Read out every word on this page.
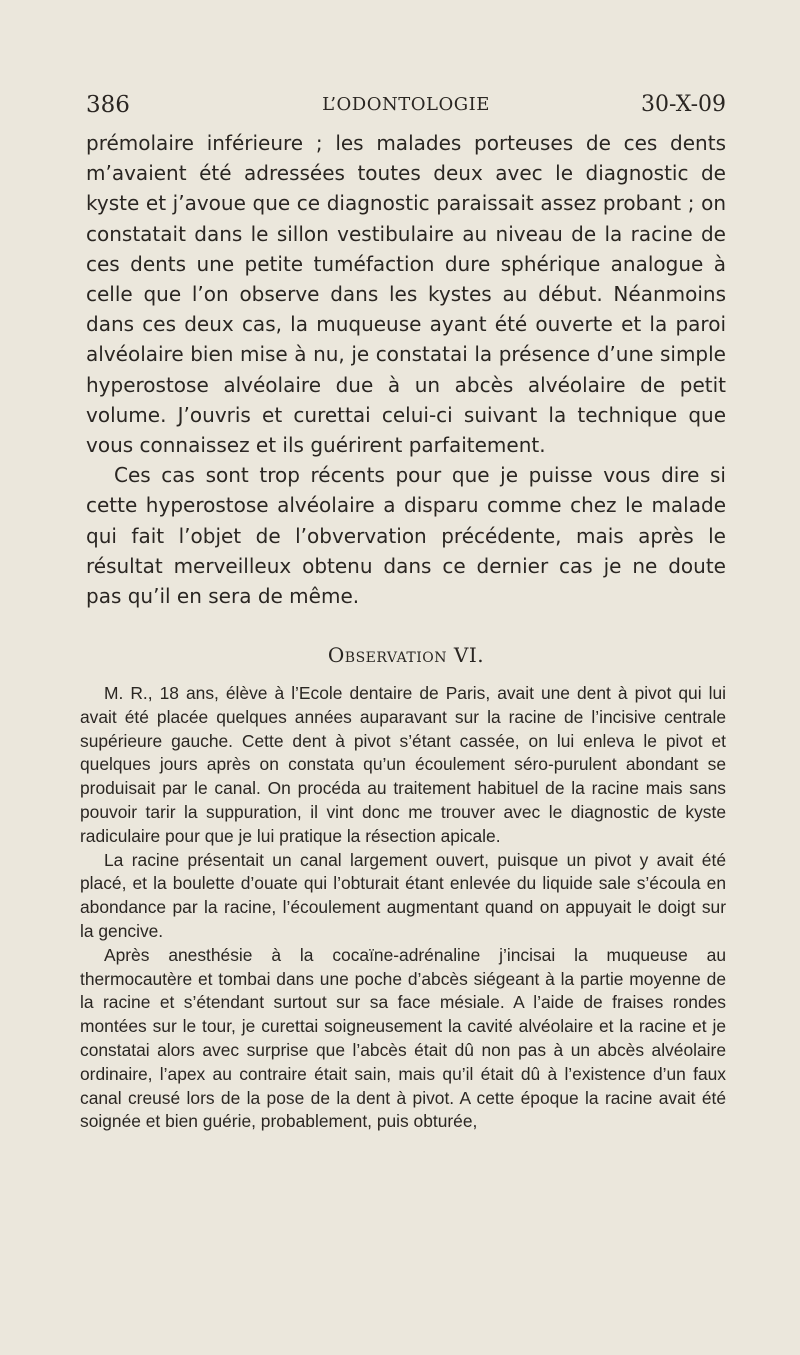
386	L’ODONTOLOGIE	30-X-09

prémolaire inférieure ; les malades porteuses de ces dents m’avaient été adressées toutes deux avec le diagnostic de kyste et j’avoue que ce diagnostic paraissait assez probant ; on constatait dans le sillon vestibulaire au niveau de la racine de ces dents une petite tuméfaction dure sphérique analogue à celle que l’on observe dans les kystes au début. Néanmoins dans ces deux cas, la muqueuse ayant été ouverte et la paroi alvéolaire bien mise à nu, je constatai la présence d’une simple hyperostose alvéolaire due à un abcès alvéolaire de petit volume. J’ouvris et curettai celui-ci suivant la technique que vous connaissez et ils guérirent parfaitement.

Ces cas sont trop récents pour que je puisse vous dire si cette hyperostose alvéolaire a disparu comme chez le malade qui fait l’objet de l’obvervation précédente, mais après le résultat merveilleux obtenu dans ce dernier cas je ne doute pas qu’il en sera de même.

Observation VI.

M. R., 18 ans, élève à l’Ecole dentaire de Paris, avait une dent à pivot qui lui avait été placée quelques années auparavant sur la racine de l’incisive centrale supérieure gauche. Cette dent à pivot s’étant cassée, on lui enleva le pivot et quelques jours après on constata qu’un écoulement séro-purulent abondant se produisait par le canal. On procéda au traitement habituel de la racine mais sans pouvoir tarir la suppuration, il vint donc me trouver avec le diagnostic de kyste radiculaire pour que je lui pratique la résection apicale.

La racine présentait un canal largement ouvert, puisque un pivot y avait été placé, et la boulette d’ouate qui l’obturait étant enlevée du liquide sale s’écoula en abondance par la racine, l’écoulement augmentant quand on appuyait le doigt sur la gencive.

Après anesthésie à la cocaïne-adrénaline j’incisai la muqueuse au thermocautère et tombai dans une poche d’abcès siégeant à la partie moyenne de la racine et s’étendant surtout sur sa face mésiale. A l’aide de fraises rondes montées sur le tour, je curettai soigneusement la cavité alvéolaire et la racine et je constatai alors avec surprise que l’abcès était dû non pas à un abcès alvéolaire ordinaire, l’apex au contraire était sain, mais qu’il était dû à l’existence d’un faux canal creusé lors de la pose de la dent à pivot. A cette époque la racine avait été soignée et bien guérie, probablement, puis obturée,
